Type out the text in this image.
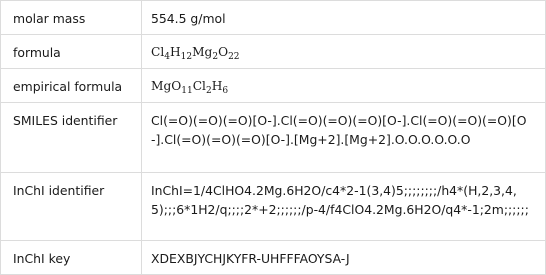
molar mass	554.5 g/mol

formula	$Cl_4H_{12}Mg_2O_{22}$

empirical formula	$MgO_{11}Cl_2H_6$

SMILES identifier	Cl(=O)(=O)(=O)[O-].Cl(=O)(=O)(=O)[O-].Cl(=O)(=O)(=O)[O-].Cl(=O)(=O)(=O)[O-].[Mg+2].[Mg+2].O.O.O.O.O.O

InChI identifier	InChI=1/4ClHO4.2Mg.6H2O/c4*2-1(3,4)5;;;;;;;;/h4*(H,2,3,4,5);;;6*1H2/q;;;;2*+2;;;;;;/p-4/f4ClO4.2Mg.6H2O/q4*-1;2m;;;;;;

InChI key	XDEXBJYCHJKYFR-UHFFFAOYSA-J
